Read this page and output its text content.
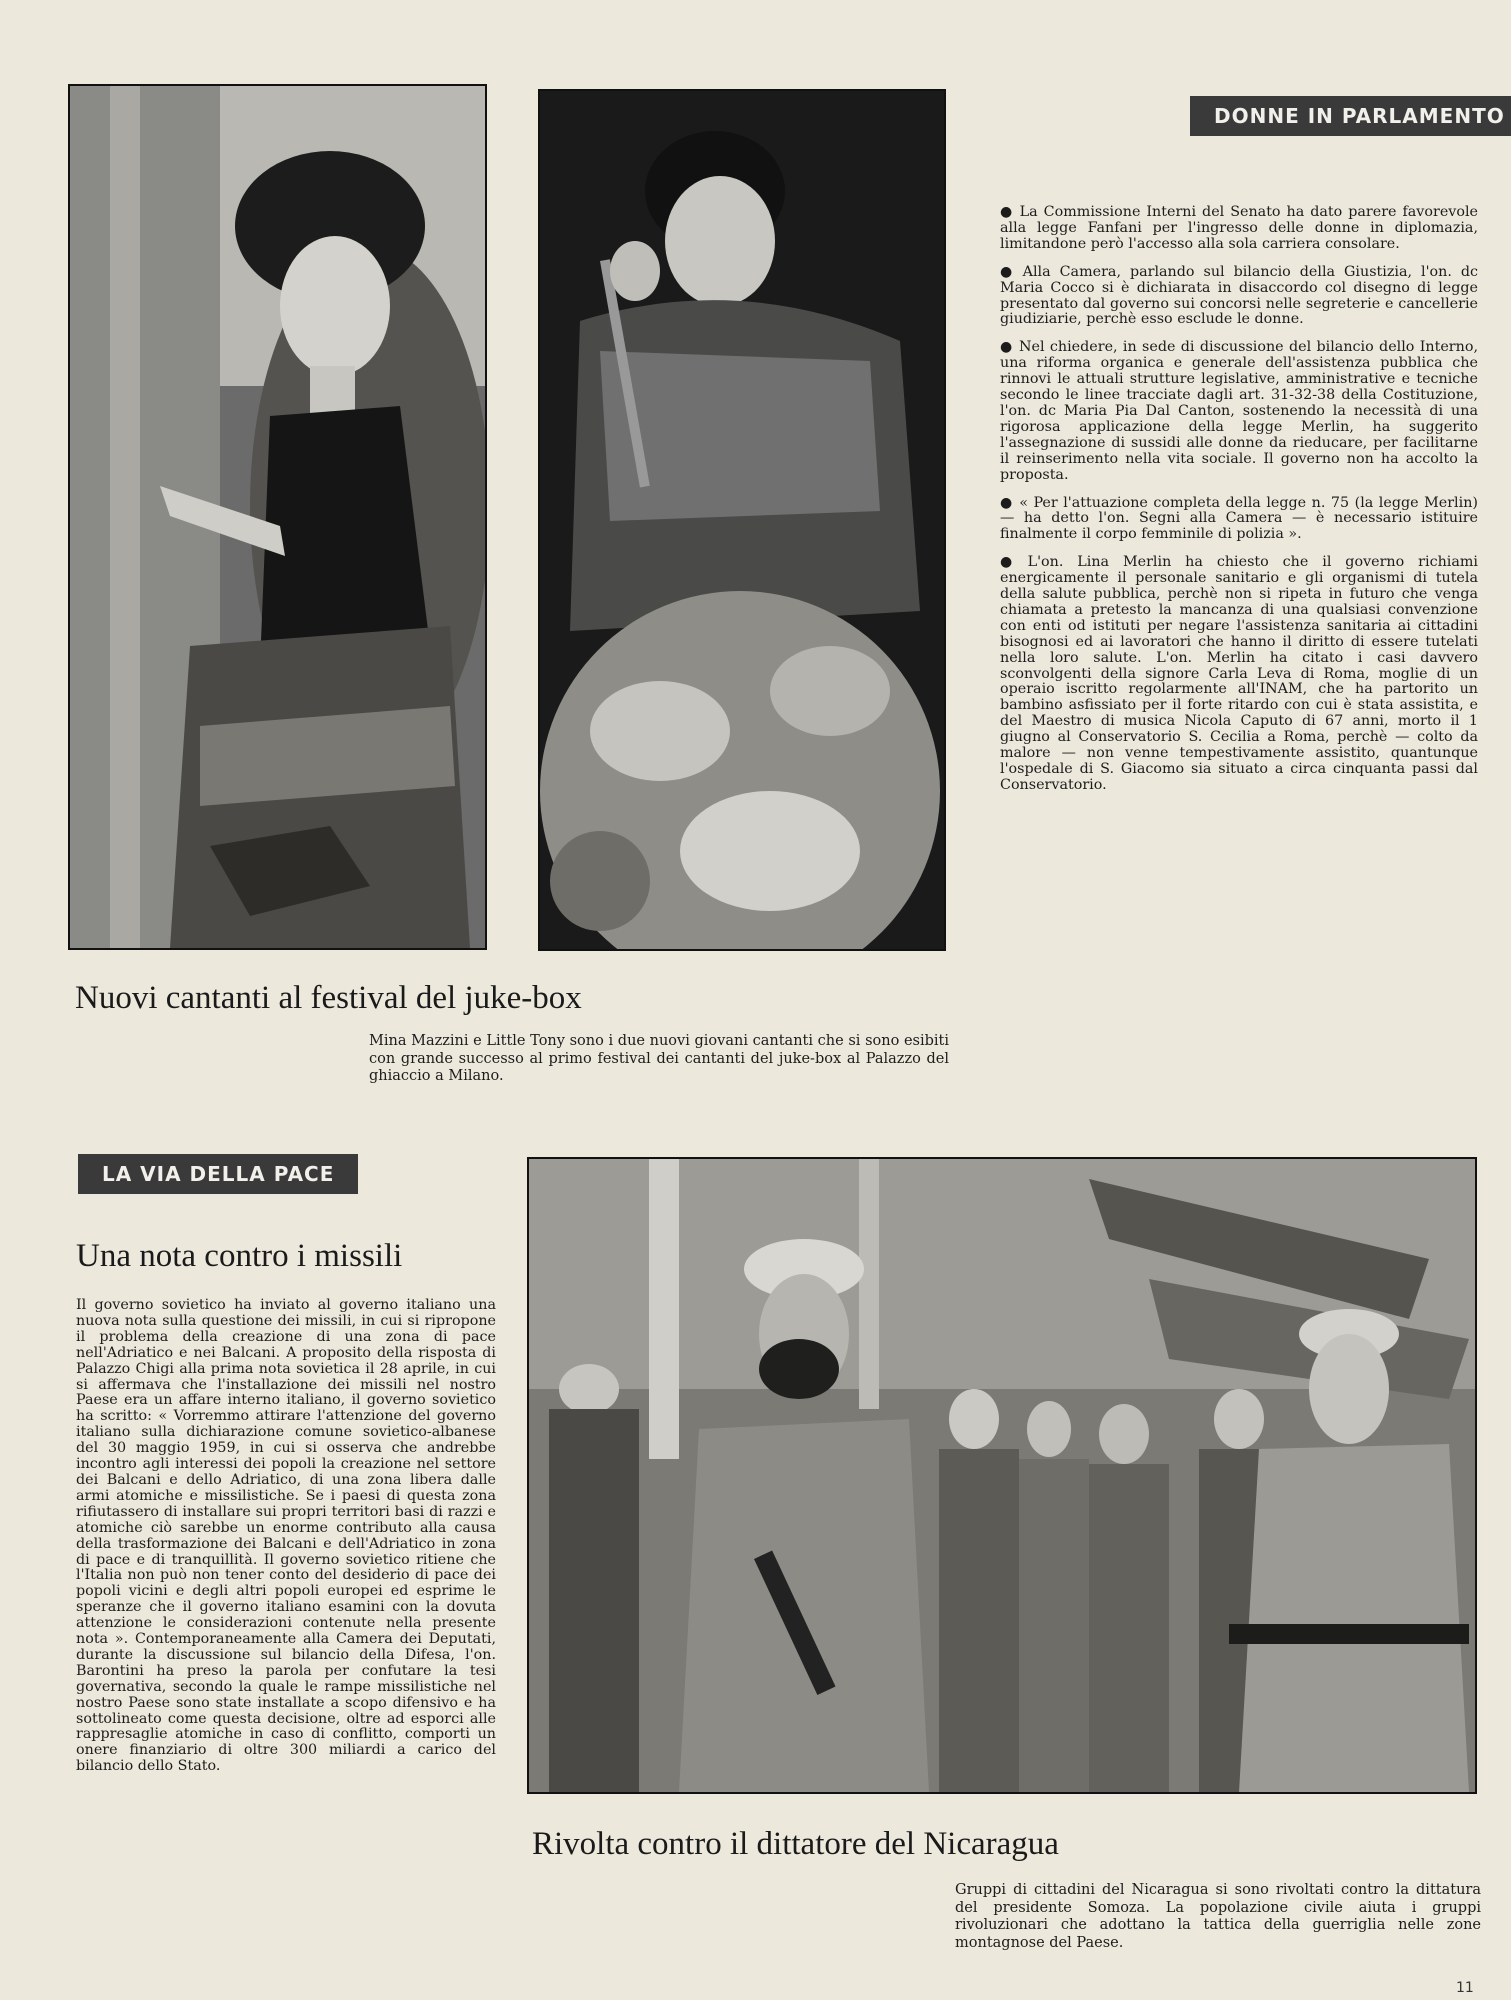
DONNE IN PARLAMENTO

● La Commissione Interni del Senato ha dato parere favorevole alla legge Fanfani per l'ingresso delle donne in diplomazia, limitandone però l'accesso alla sola carriera consolare.

● Alla Camera, parlando sul bilancio della Giustizia, l'on. dc Maria Cocco si è dichiarata in disaccordo col disegno di legge presentato dal governo sui concorsi nelle segreterie e cancellerie giudiziarie, perchè esso esclude le donne.

● Nel chiedere, in sede di discussione del bilancio dello Interno, una riforma organica e generale dell'assistenza pubblica che rinnovi le attuali strutture legislative, amministrative e tecniche secondo le linee tracciate dagli art. 31-32-38 della Costituzione, l'on. dc Maria Pia Dal Canton, sostenendo la necessità di una rigorosa applicazione della legge Merlin, ha suggerito l'assegnazione di sussidi alle donne da rieducare, per facilitarne il reinserimento nella vita sociale. Il governo non ha accolto la proposta.

● « Per l'attuazione completa della legge n. 75 (la legge Merlin) — ha detto l'on. Segni alla Camera — è necessario istituire finalmente il corpo femminile di polizia ».

● L'on. Lina Merlin ha chiesto che il governo richiami energicamente il personale sanitario e gli organismi di tutela della salute pubblica, perchè non si ripeta in futuro che venga chiamata a pretesto la mancanza di una qualsiasi convenzione con enti od istituti per negare l'assistenza sanitaria ai cittadini bisognosi ed ai lavoratori che hanno il diritto di essere tutelati nella loro salute. L'on. Merlin ha citato i casi davvero sconvolgenti della signore Carla Leva di Roma, moglie di un operaio iscritto regolarmente all'INAM, che ha partorito un bambino asfissiato per il forte ritardo con cui è stata assistita, e del Maestro di musica Nicola Caputo di 67 anni, morto il 1 giugno al Conservatorio S. Cecilia a Roma, perchè — colto da malore — non venne tempestivamente assistito, quantunque l'ospedale di S. Giacomo sia situato a circa cinquanta passi dal Conservatorio.

Nuovi cantanti al festival del juke-box
Mina Mazzini e Little Tony sono i due nuovi giovani cantanti che si sono esibiti con grande successo al primo festival dei cantanti del juke-box al Palazzo del ghiaccio a Milano.
LA VIA DELLA PACE
Una nota contro i missili
Il governo sovietico ha inviato al governo italiano una nuova nota sulla questione dei missili, in cui si ripropone il problema della creazione di una zona di pace nell'Adriatico e nei Balcani. A proposito della risposta di Palazzo Chigi alla prima nota sovietica il 28 aprile, in cui si affermava che l'installazione dei missili nel nostro Paese era un affare interno italiano, il governo sovietico ha scritto: « Vorremmo attirare l'attenzione del governo italiano sulla dichiarazione comune sovietico-albanese del 30 maggio 1959, in cui si osserva che andrebbe incontro agli interessi dei popoli la creazione nel settore dei Balcani e dello Adriatico, di una zona libera dalle armi atomiche e missilistiche. Se i paesi di questa zona rifiutassero di installare sui propri territori basi di razzi e atomiche ciò sarebbe un enorme contributo alla causa della trasformazione dei Balcani e dell'Adriatico in zona di pace e di tranquillità. Il governo sovietico ritiene che l'Italia non può non tener conto del desiderio di pace dei popoli vicini e degli altri popoli europei ed esprime le speranze che il governo italiano esamini con la dovuta attenzione le considerazioni contenute nella presente nota ». Contemporaneamente alla Camera dei Deputati, durante la discussione sul bilancio della Difesa, l'on. Barontini ha preso la parola per confutare la tesi governativa, secondo la quale le rampe missilistiche nel nostro Paese sono state installate a scopo difensivo e ha sottolineato come questa decisione, oltre ad esporci alle rappresaglie atomiche in caso di conflitto, comporti un onere finanziario di oltre 300 miliardi a carico del bilancio dello Stato.
Rivolta contro il dittatore del Nicaragua
Gruppi di cittadini del Nicaragua si sono rivoltati contro la dittatura del presidente Somoza. La popolazione civile aiuta i gruppi rivoluzionari che adottano la tattica della guerriglia nelle zone montagnose del Paese.
11
